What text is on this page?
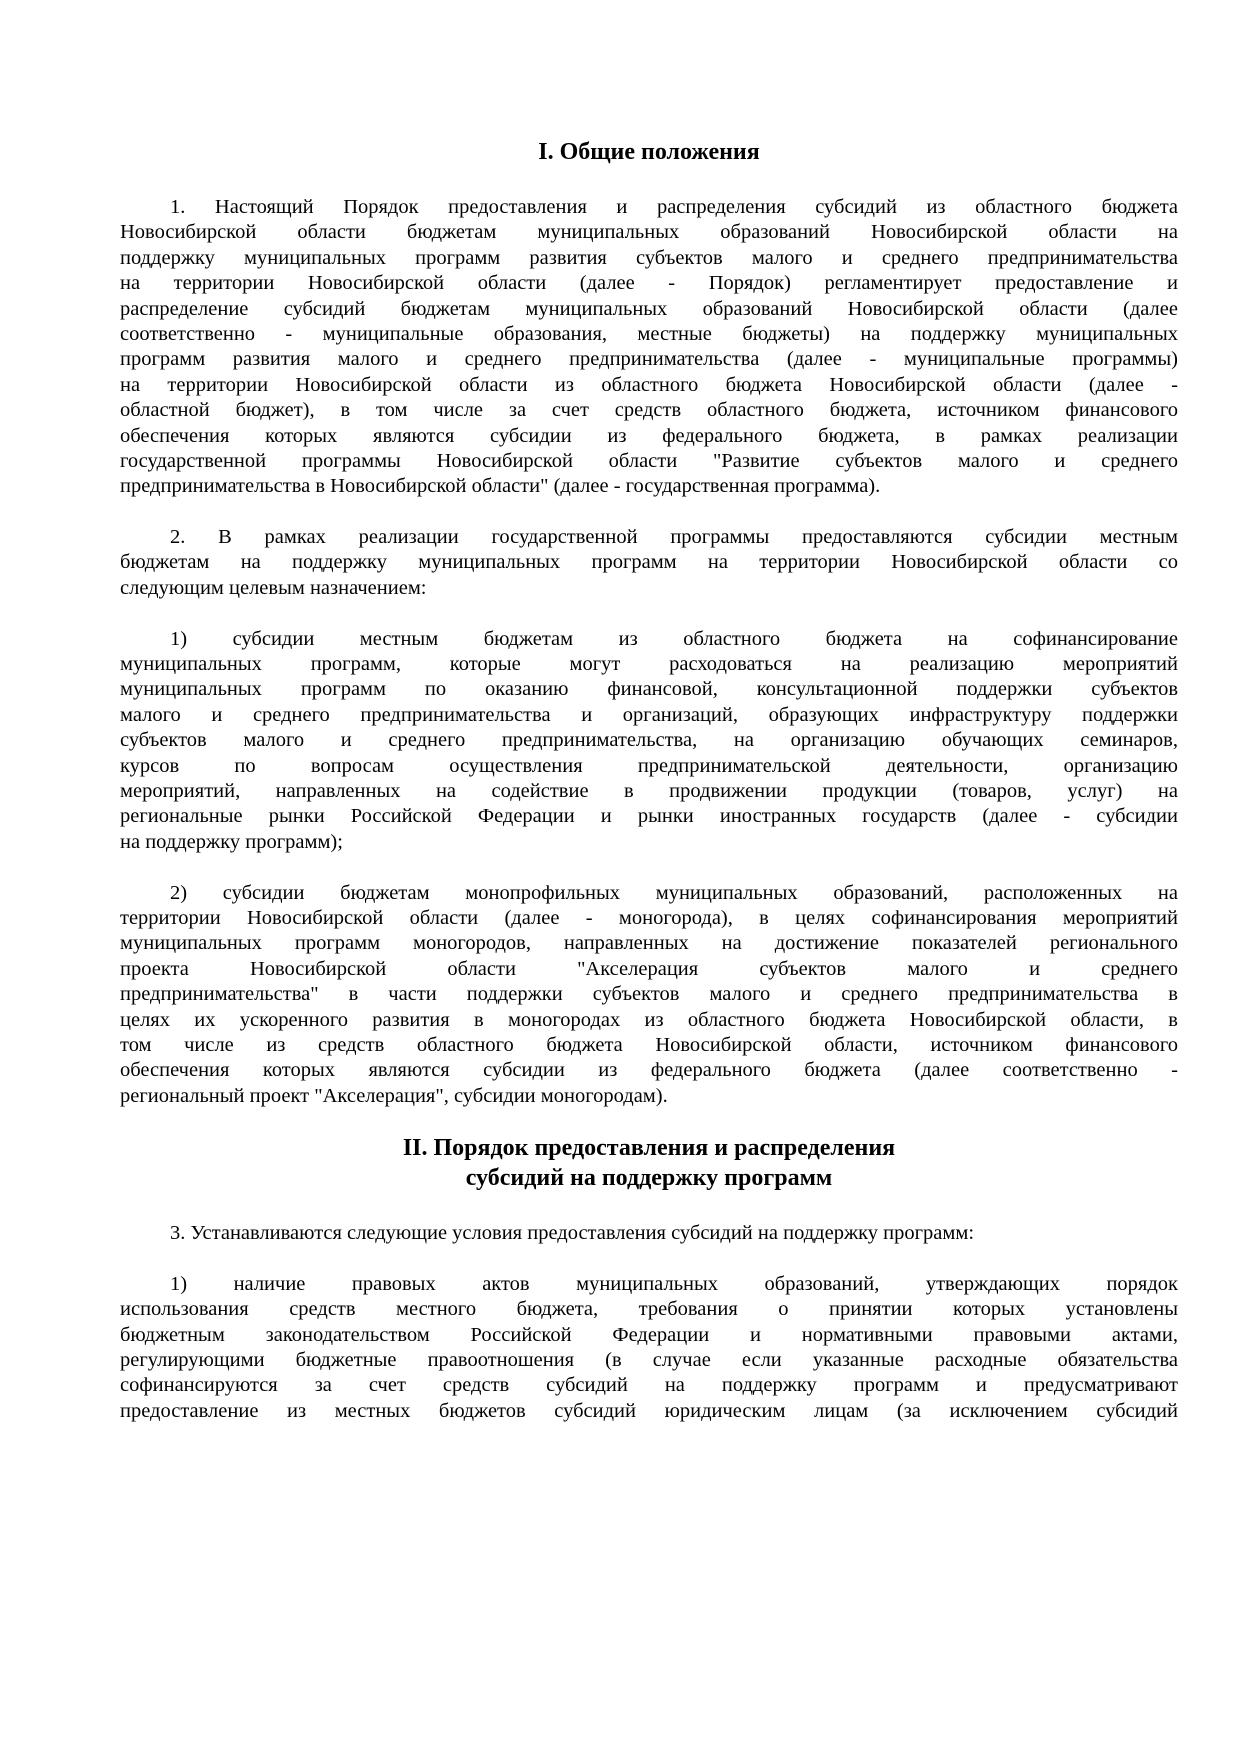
I. Общие положения
1. Настоящий Порядок предоставления и распределения субсидий из областного бюджета
Новосибирской области бюджетам муниципальных образований Новосибирской области на
поддержку муниципальных программ развития субъектов малого и среднего предпринимательства
на территории Новосибирской области (далее - Порядок) регламентирует предоставление и
распределение субсидий бюджетам муниципальных образований Новосибирской области (далее
соответственно - муниципальные образования, местные бюджеты) на поддержку муниципальных
программ развития малого и среднего предпринимательства (далее - муниципальные программы)
на территории Новосибирской области из областного бюджета Новосибирской области (далее -
областной бюджет), в том числе за счет средств областного бюджета, источником финансового
обеспечения которых являются субсидии из федерального бюджета, в рамках реализации
государственной программы Новосибирской области "Развитие субъектов малого и среднего
предпринимательства в Новосибирской области" (далее - государственная программа).
2. В рамках реализации государственной программы предоставляются субсидии местным
бюджетам на поддержку муниципальных программ на территории Новосибирской области со
следующим целевым назначением:
1) субсидии местным бюджетам из областного бюджета на софинансирование
муниципальных программ, которые могут расходоваться на реализацию мероприятий
муниципальных программ по оказанию финансовой, консультационной поддержки субъектов
малого и среднего предпринимательства и организаций, образующих инфраструктуру поддержки
субъектов малого и среднего предпринимательства, на организацию обучающих семинаров,
курсов по вопросам осуществления предпринимательской деятельности, организацию
мероприятий, направленных на содействие в продвижении продукции (товаров, услуг) на
региональные рынки Российской Федерации и рынки иностранных государств (далее - субсидии
на поддержку программ);
2) субсидии бюджетам монопрофильных муниципальных образований, расположенных на
территории Новосибирской области (далее - моногорода), в целях софинансирования мероприятий
муниципальных программ моногородов, направленных на достижение показателей регионального
проекта Новосибирской области "Акселерация субъектов малого и среднего
предпринимательства" в части поддержки субъектов малого и среднего предпринимательства в
целях их ускоренного развития в моногородах из областного бюджета Новосибирской области, в
том числе из средств областного бюджета Новосибирской области, источником финансового
обеспечения которых являются субсидии из федерального бюджета (далее соответственно -
региональный проект "Акселерация", субсидии моногородам).
II. Порядок предоставления и распределения
субсидий на поддержку программ
3. Устанавливаются следующие условия предоставления субсидий на поддержку программ:
1) наличие правовых актов муниципальных образований, утверждающих порядок
использования средств местного бюджета, требования о принятии которых установлены
бюджетным законодательством Российской Федерации и нормативными правовыми актами,
регулирующими бюджетные правоотношения (в случае если указанные расходные обязательства
софинансируются за счет средств субсидий на поддержку программ и предусматривают
предоставление из местных бюджетов субсидий юридическим лицам (за исключением субсидий
